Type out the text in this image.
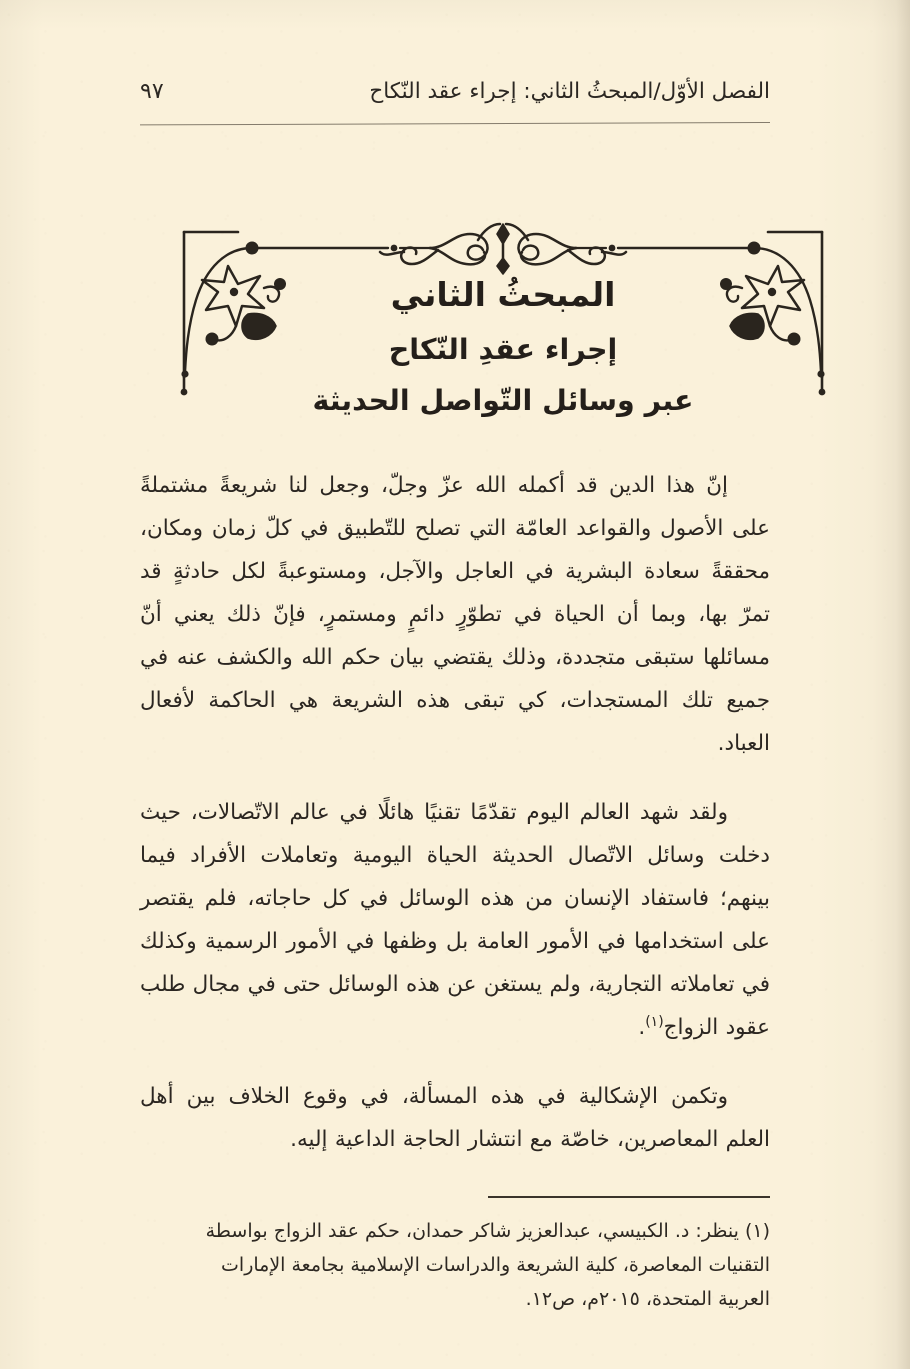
الفصل الأوّل/المبحثُ الثاني: إجراء عقد النّكاح
٩٧
المبحثُ الثاني
إجراء عقدِ النّكاح
عبر وسائل التّواصل الحديثة

إنّ هذا الدين قد أكمله الله عزّ وجلّ، وجعل لنا شريعةً مشتملةً على الأصول والقواعد العامّة التي تصلح للتّطبيق في كلّ زمان ومكان، محققةً سعادة البشرية في العاجل والآجل، ومستوعبةً لكل حادثةٍ قد تمرّ بها، وبما أن الحياة في تطوّرٍ دائمٍ ومستمرٍ، فإنّ ذلك يعني أنّ مسائلها ستبقى متجددة، وذلك يقتضي بيان حكم الله والكشف عنه في جميع تلك المستجدات، كي تبقى هذه الشريعة هي الحاكمة لأفعال العباد.

ولقد شهد العالم اليوم تقدّمًا تقنيًا هائلًا في عالم الاتّصالات، حيث دخلت وسائل الاتّصال الحديثة الحياة اليومية وتعاملات الأفراد فيما بينهم؛ فاستفاد الإنسان من هذه الوسائل في كل حاجاته، فلم يقتصر على استخدامها في الأمور العامة بل وظفها في الأمور الرسمية وكذلك في تعاملاته التجارية، ولم يستغن عن هذه الوسائل حتى في مجال طلب عقود الزواج$^{(١)}$.

وتكمن الإشكالية في هذه المسألة، في وقوع الخلاف بين أهل العلم المعاصرين، خاصّة مع انتشار الحاجة الداعية إليه.

(١) ينظر: د. الكبيسي، عبدالعزيز شاكر حمدان، حكم عقد الزواج بواسطة
التقنيات المعاصرة، كلية الشريعة والدراسات الإسلامية بجامعة الإمارات
العربية المتحدة، ٢٠١٥م، ص١٢.
